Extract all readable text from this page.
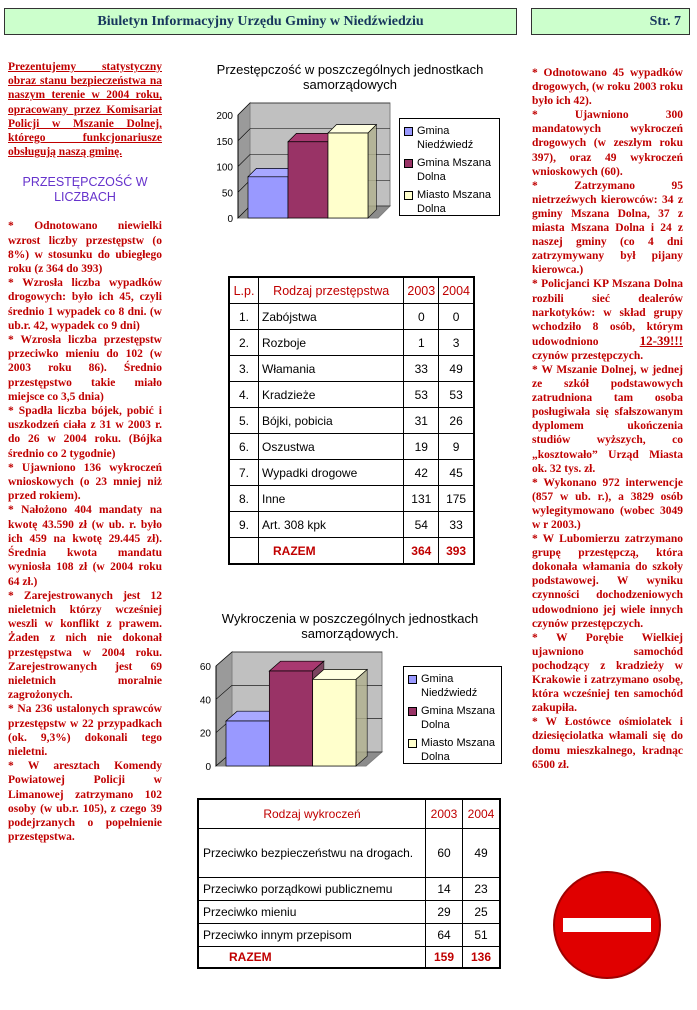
Biuletyn Informacyjny Urzędu Gminy w Niedźwiedziu	Str. 7

Prezentujemy statystyczny obraz stanu bezpieczeństwa na naszym terenie w 2004 roku, opracowany przez Komisariat Policji w Mszanie Dolnej, którego funkcjonariusze obsługują naszą gminę.

PRZESTĘPCZOŚĆ W LICZBACH

* Odnotowano niewielki wzrost liczby przestępstw (o 8%) w stosunku do ubiegłego roku (z 364 do 393)

* Wzrosła liczba wypadków drogowych: było ich 45, czyli średnio 1 wypadek co 8 dni. (w ub.r. 42, wypadek co 9 dni)

* Wzrosła liczba przestępstw przeciwko mieniu do 102 (w 2003 roku 86). Średnio przestępstwo takie miało miejsce co 3,5 dnia)

* Spadła liczba bójek, pobić i uszkodzeń ciała z 31 w 2003 r. do 26 w 2004 roku. (Bójka średnio co 2 tygodnie)

* Ujawniono 136 wykroczeń wnioskowych (o 23 mniej niż przed rokiem).

* Nałożono 404 mandaty na kwotę 43.590 zł (w ub. r. było ich 459 na kwotę 29.445 zł). Średnia kwota mandatu wyniosła 108 zł (w 2004 roku 64 zł.)

* Zarejestrowanych jest 12 nieletnich którzy wcześniej weszli w konflikt z prawem. Żaden z nich nie dokonał przestępstwa w 2004 roku. Zarejestrowanych jest 69 nieletnich moralnie zagrożonych.

* Na 236 ustalonych sprawców przestępstw w 22 przypadkach (ok. 9,3%) dokonali tego nieletni.

* W aresztach Komendy Powiatowej Policji w Limanowej zatrzymano 102 osoby (w ub.r. 105), z czego 39 podejrzanych o popełnienie przestępstwa.

Przestępczość w poszczególnych jednostkach samorządowych
0
50
100
150
200
Gmina Niedźwiedź
Gmina Mszana Dolna
Miasto Mszana Dolna
L.p.	Rodzaj przestępstwa	2003	2004
1.	Zabójstwa	0	0
2.	Rozboje	1	3
3.	Włamania	33	49
4.	Kradzieże	53	53
5.	Bójki, pobicia	31	26
6.	Oszustwa	19	9
7.	Wypadki drogowe	42	45
8.	Inne	131	175
9.	Art. 308 kpk	54	33
	RAZEM	364	393
Wykroczenia w poszczególnych jednostkach samorządowych.
0
20
40
60
Gmina Niedźwiedź
Gmina Mszana Dolna
Miasto Mszana Dolna
Rodzaj wykroczeń	2003	2004
Przeciwko bezpieczeństwu na drogach.	60	49
Przeciwko porządkowi publicznemu	14	23
Przeciwko mieniu	29	25
Przeciwko innym przepisom	64	51
RAZEM	159	136

* Odnotowano 45 wypadków drogowych, (w roku 2003 roku było ich 42).

* Ujawniono 300 mandatowych wykroczeń drogowych (w zeszłym roku 397), oraz 49 wykroczeń wnioskowych (60).

* Zatrzymano 95 nietrzeźwych kierowców: 34 z gminy Mszana Dolna, 37 z miasta Mszana Dolna i 24 z naszej gminy (co 4 dni zatrzymywany był pijany kierowca.)

* Policjanci KP Mszana Dolna rozbili sieć dealerów narkotyków: w skład grupy wchodziło 8 osób, którym udowodniono	12-39!!! czynów przestępczych.

* W Mszanie Dolnej, w jednej ze szkół podstawowych zatrudniona tam osoba posługiwała się sfałszowanym dyplomem ukończenia studiów wyższych, co „kosztowało” Urząd Miasta ok. 32 tys. zł.

* Wykonano 972 interwencje (857 w ub. r.), a 3829 osób wylegitymowano (wobec 3049 w r 2003.)

* W Lubomierzu zatrzymano grupę przestępczą, która dokonała włamania do szkoły podstawowej. W wyniku czynności dochodzeniowych udowodniono jej wiele innych czynów przestępczych.

* W Porębie Wielkiej ujawniono samochód pochodzący z kradzieży w Krakowie i zatrzymano osobę, która wcześniej ten samochód zakupiła.

* W Łostówce ośmiolatek i dziesięciolatka włamali się do domu mieszkalnego, kradnąc 6500 zł.
